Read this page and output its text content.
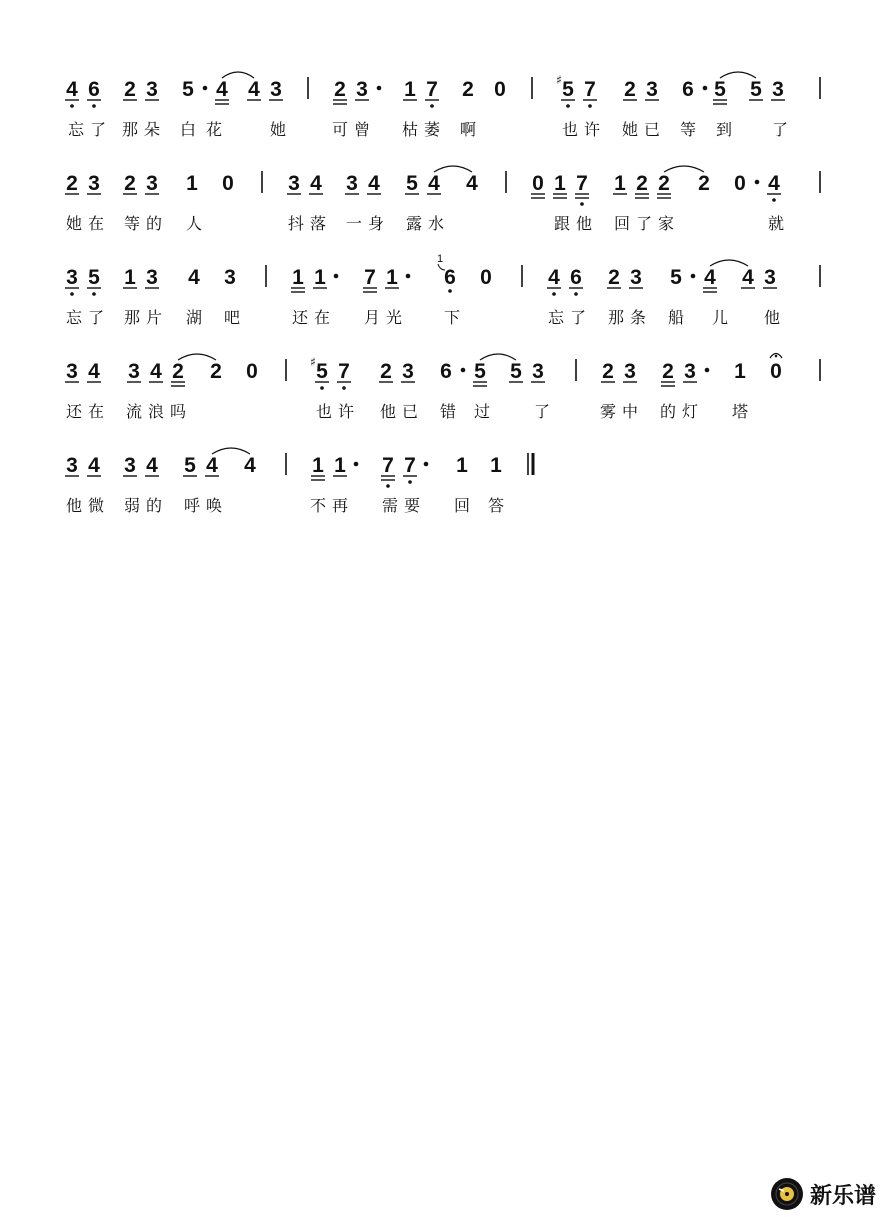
4 6 2 3 5 4 4 3 2 3 1 7 2 0	5
♯ 7 2 3 6 5 5 3
忘了 那朵 白 花	她 可曾 枯萎 啊	也许 她已 等 到 了
2 3 2 3 1 0	3 4 3 4 5 4 4	0 1 7 1 2 2 2 0 4
她在 等的 人	抖落 一身 露水	跟他 回了家	就
3 5 1 3 4 3	1 1 7 1 6
1
0	4 6 2 3 5 4 4 3
忘了 那片 湖 吧	还在 月光 下	忘了 那条 船 儿 他
3 4 3 4 2 2 0	5
♯ 7 2 3 6 5 5 3	2 3 2 3 1 0
还在 流浪吗	也许 他已 错 过 了	雾中 的灯 塔
3 4 3 4 5 4 4	1 1 7 7 1 1
他微 弱的 呼唤	不再 需要 回 答
新乐谱
